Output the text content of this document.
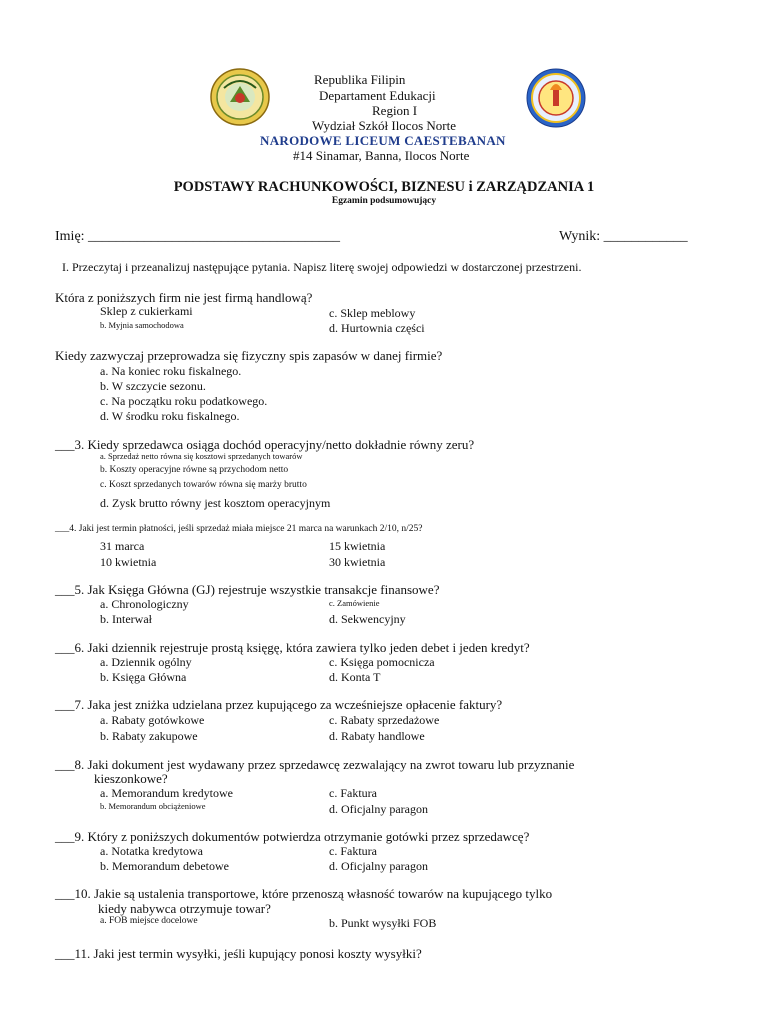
Republika Filipin
Departament Edukacji
Region I
Wydział Szkół Ilocos Norte
NARODOWE LICEUM CAESTEBANAN
#14 Sinamar, Banna, Ilocos Norte
PODSTAWY RACHUNKOWOŚCI, BIZNESU i ZARZĄDZANIA 1
Egzamin podsumowujący
Imię: ____________________________________	Wynik: ____________
I. Przeczytaj i przeanalizuj następujące pytania. Napisz literę swojej odpowiedzi w dostarczonej przestrzeni.
Która z poniższych firm nie jest firmą handlową?
Sklep z cukierkami
b. Myjnia samochodowa
c. Sklep meblowy
d. Hurtownia części
Kiedy zazwyczaj przeprowadza się fizyczny spis zapasów w danej firmie?
a. Na koniec roku fiskalnego.
b. W szczycie sezonu.
c. Na początku roku podatkowego.
d. W środku roku fiskalnego.
___3. Kiedy sprzedawca osiąga dochód operacyjny/netto dokładnie równy zeru?
a. Sprzedaż netto równa się kosztowi sprzedanych towarów
b. Koszty operacyjne równe są przychodom netto
c. Koszt sprzedanych towarów równa się marży brutto
d. Zysk brutto równy jest kosztom operacyjnym
___4. Jaki jest termin płatności, jeśli sprzedaż miała miejsce 21 marca na warunkach 2/10, n/25?
31 marca
10 kwietnia
15 kwietnia
30 kwietnia
___5. Jak Księga Główna (GJ) rejestruje wszystkie transakcje finansowe?
a. Chronologiczny
b. Interwał
c. Zamówienie
d. Sekwencyjny
___6. Jaki dziennik rejestruje prostą księgę, która zawiera tylko jeden debet i jeden kredyt?
a. Dziennik ogólny
b. Księga Główna
c. Księga pomocnicza
d. Konta T
___7. Jaka jest zniżka udzielana przez kupującego za wcześniejsze opłacenie faktury?
a. Rabaty gotówkowe
b. Rabaty zakupowe
c. Rabaty sprzedażowe
d. Rabaty handlowe
___8. Jaki dokument jest wydawany przez sprzedawcę zezwalający na zwrot towaru lub przyznanie
kieszonkowe?
a. Memorandum kredytowe
b. Memorandum obciążeniowe
c. Faktura
d. Oficjalny paragon
___9. Który z poniższych dokumentów potwierdza otrzymanie gotówki przez sprzedawcę?
a. Notatka kredytowa
b. Memorandum debetowe
c. Faktura
d. Oficjalny paragon
___10. Jakie są ustalenia transportowe, które przenoszą własność towarów na kupującego tylko
kiedy nabywca otrzymuje towar?
a. FOB miejsce docelowe	b. Punkt wysyłki FOB
___11. Jaki jest termin wysyłki, jeśli kupujący ponosi koszty wysyłki?
